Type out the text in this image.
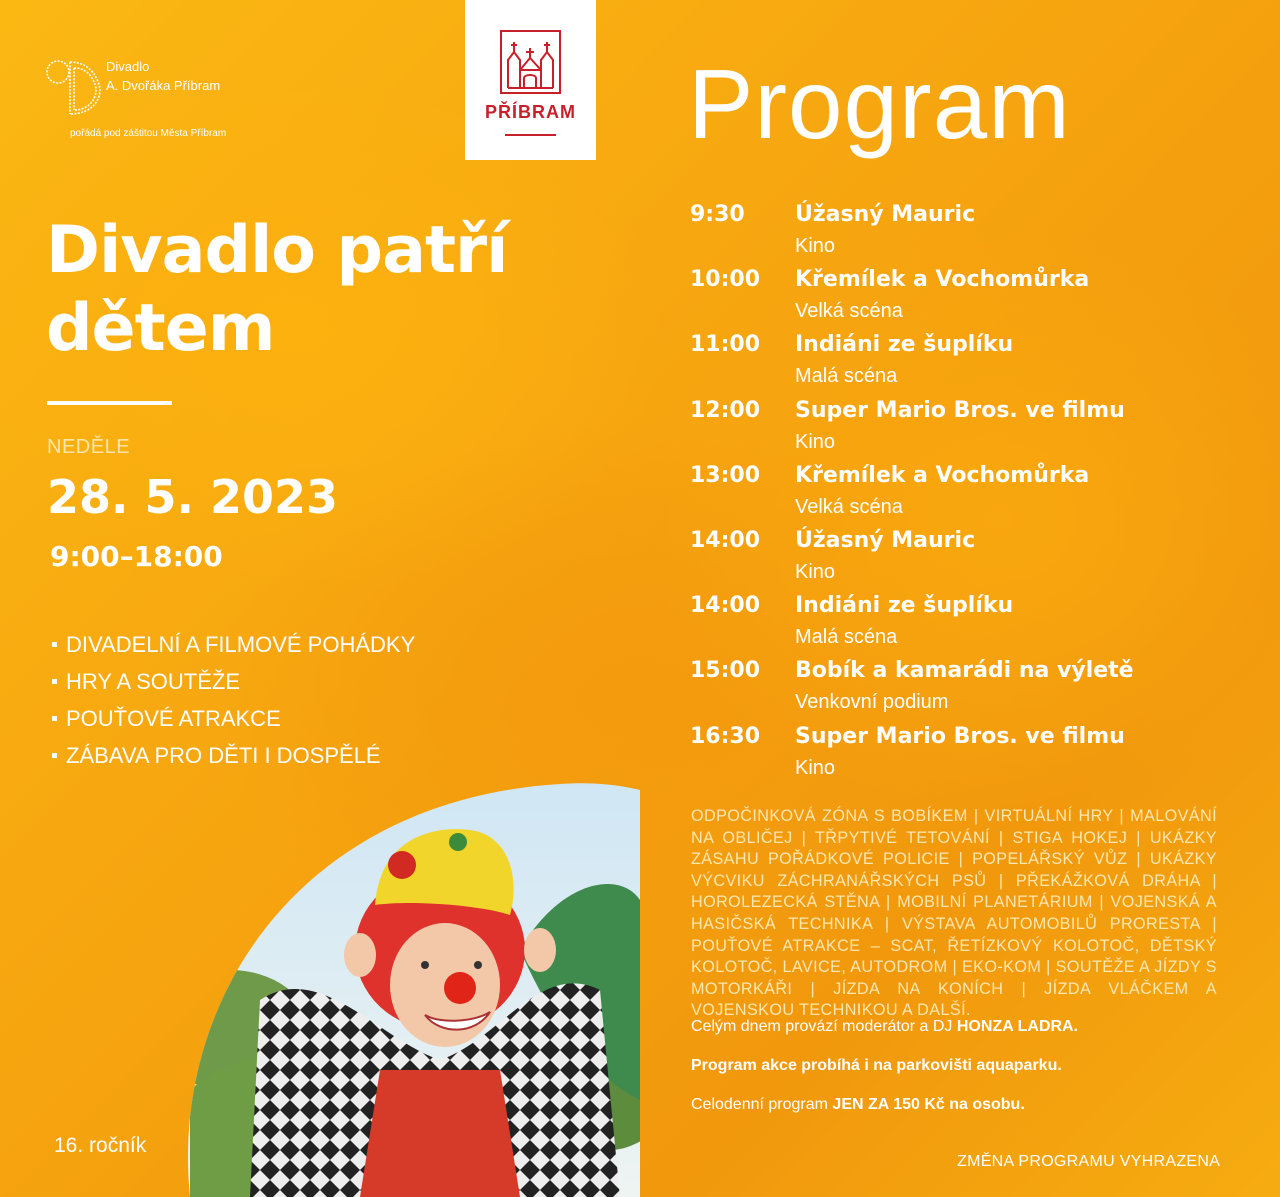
Divadlo
A. Dvořáka Příbram
pořádá pod záštitou Města Příbram
PŘÍBRAM
Divadlo patří
dětem
NEDĚLE
28. 5. 2023
9:00–18:00
DIVADELNÍ A FILMOVÉ POHÁDKY
HRY A SOUTĚŽE
POUŤOVÉ ATRAKCE
ZÁBAVA PRO DĚTI I DOSPĚLÉ
16. ročník
Program
9:30 Úžasný Mauric
Kino
10:00 Křemílek a Vochomůrka
Velká scéna
11:00 Indiáni ze šuplíku
Malá scéna
12:00 Super Mario Bros. ve filmu
Kino
13:00 Křemílek a Vochomůrka
Velká scéna
14:00 Úžasný Mauric
Kino
14:00 Indiáni ze šuplíku
Malá scéna
15:00 Bobík a kamarádi na výletě
Venkovní podium
16:30 Super Mario Bros. ve filmu
Kino
ODPOČINKOVÁ ZÓNA S BOBÍKEM | VIRTUÁLNÍ HRY | MALOVÁNÍ NA OBLIČEJ | TŘPYTIVÉ TETOVÁNÍ | STIGA HOKEJ | UKÁZKY ZÁSAHU POŘÁDKOVÉ POLICIE | POPELÁŘSKÝ VŮZ | UKÁZKY VÝCVIKU ZÁCHRANÁŘSKÝCH PSŮ | PŘEKÁŽKOVÁ DRÁHA | HOROLEZECKÁ STĚNA | MOBILNÍ PLANETÁRIUM | VOJENSKÁ A HASIČSKÁ TECHNIKA | VÝSTAVA AUTOMOBILŮ PRORESTA | POUŤOVÉ ATRAKCE – SCAT, ŘETÍZKOVÝ KOLOTOČ, DĚTSKÝ KOLOTOČ, LAVICE, AUTODROM | EKO-KOM | SOUTĚŽE A JÍZDY S MOTORKÁŘI | JÍZDA NA KONÍCH | JÍZDA VLÁČKEM A VOJENSKOU TECHNIKOU A DALŠÍ.
Celým dnem provází moderátor a DJ HONZA LADRA.
Program akce probíhá i na parkovišti aquaparku.
Celodenní program JEN ZA 150 Kč na osobu.
ZMĚNA PROGRAMU VYHRAZENA
